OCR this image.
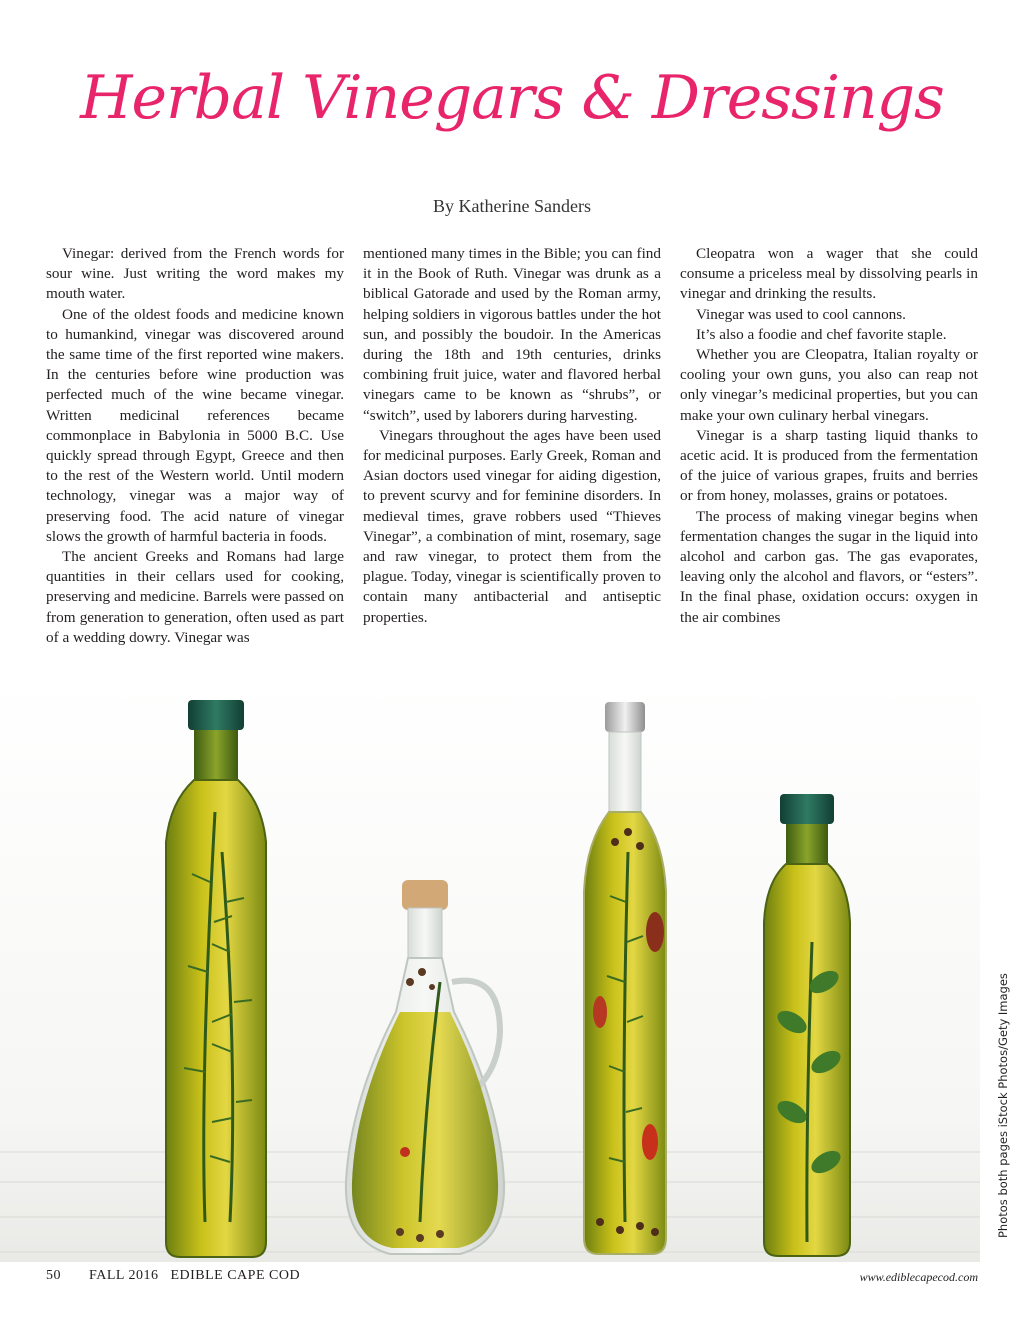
Herbal Vinegars & Dressings
By Katherine Sanders

Vinegar: derived from the French words for sour wine. Just writing the word makes my mouth water.

One of the oldest foods and medicine known to humankind, vinegar was discovered around the same time of the first reported wine makers. In the centuries before wine production was perfected much of the wine became vinegar. Written medicinal references became commonplace in Babylonia in 5000 B.C. Use quickly spread through Egypt, Greece and then to the rest of the Western world. Until modern technology, vinegar was a major way of preserving food. The acid nature of vinegar slows the growth of harmful bacteria in foods.

The ancient Greeks and Romans had large quantities in their cellars used for cooking, preserving and medicine. Barrels were passed on from generation to generation, often used as part of a wedding dowry. Vinegar was

mentioned many times in the Bible; you can find it in the Book of Ruth. Vinegar was drunk as a biblical Gatorade and used by the Roman army, helping soldiers in vigorous battles under the hot sun, and possibly the boudoir. In the Americas during the 18th and 19th centuries, drinks combining fruit juice, water and flavored herbal vinegars came to be known as “shrubs”, or “switch”, used by laborers during harvesting.

Vinegars throughout the ages have been used for medicinal purposes. Early Greek, Roman and Asian doctors used vinegar for aiding digestion, to prevent scurvy and for feminine disorders. In medieval times, grave robbers used “Thieves Vinegar”, a combination of mint, rosemary, sage and raw vinegar, to protect them from the plague. Today, vinegar is scientifically proven to contain many antibacterial and antiseptic properties.

Cleopatra won a wager that she could consume a priceless meal by dissolving pearls in vinegar and drinking the results.

Vinegar was used to cool cannons.

It’s also a foodie and chef favorite staple.

Whether you are Cleopatra, Italian royalty or cooling your own guns, you also can reap not only vinegar’s medicinal properties, but you can make your own culinary herbal vinegars.

Vinegar is a sharp tasting liquid thanks to acetic acid. It is produced from the fermentation of the juice of various grapes, fruits and berries or from honey, molasses, grains or potatoes.

The process of making vinegar begins when fermentation changes the sugar in the liquid into alcohol and carbon gas. The gas evaporates, leaving only the alcohol and flavors, or “esters”. In the final phase, oxidation occurs: oxygen in the air combines

Photos both pages iStock Photos/Gety Images
50 FALL 2016 EDIBLE CAPE COD	www.ediblecapecod.com
